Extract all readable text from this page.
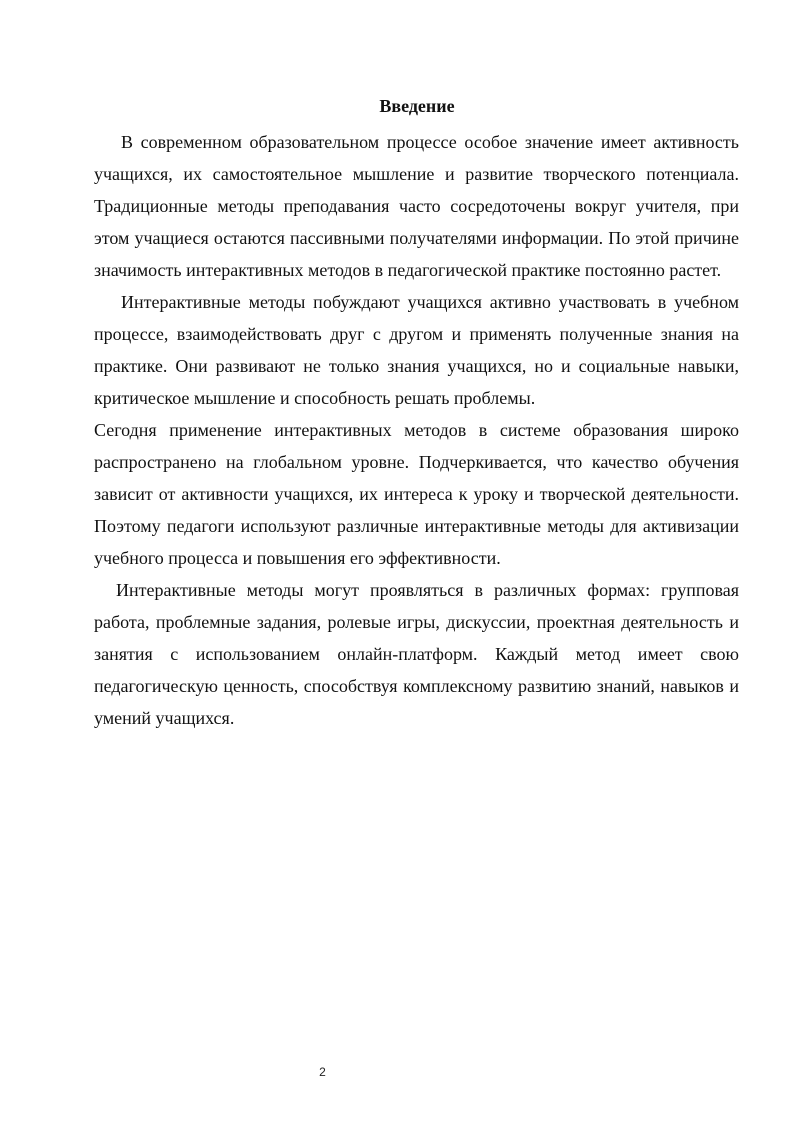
Введение

В современном образовательном процессе особое значение имеет активность учащихся, их самостоятельное мышление и развитие творческого потенциала. Традиционные методы преподавания часто сосредоточены вокруг учителя, при этом учащиеся остаются пассивными получателями информации. По этой причине значимость интерактивных методов в педагогической практике постоянно растет.

Интерактивные методы побуждают учащихся активно участвовать в учебном процессе, взаимодействовать друг с другом и применять полученные знания на практике. Они развивают не только знания учащихся, но и социальные навыки, критическое мышление и способность решать проблемы.

Сегодня применение интерактивных методов в системе образования широко распространено на глобальном уровне. Подчеркивается, что качество обучения зависит от активности учащихся, их интереса к уроку и творческой деятельности. Поэтому педагоги используют различные интерактивные методы для активизации учебного процесса и повышения его эффективности.

Интерактивные методы могут проявляться в различных формах: групповая работа, проблемные задания, ролевые игры, дискуссии, проектная деятельность и занятия с использованием онлайн-платформ. Каждый метод имеет свою педагогическую ценность, способствуя комплексному развитию знаний, навыков и умений учащихся.

2
